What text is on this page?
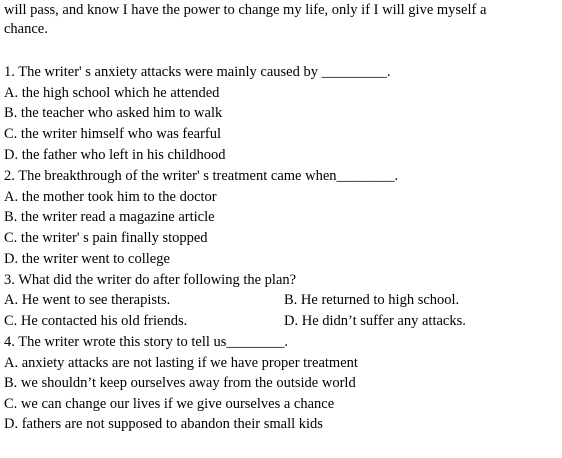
will pass, and know I have the power to change my life, only if I will give myself a
chance.
1. The writer' s anxiety attacks were mainly caused by _________.
A. the high school which he attended
B. the teacher who asked him to walk
C. the writer himself who was fearful
D. the father who left in his childhood
2. The breakthrough of the writer' s treatment came when________.
A. the mother took him to the doctor
B. the writer read a magazine article
C. the writer' s pain finally stopped
D. the writer went to college
3. What did the writer do after following the plan?
A. He went to see therapists.	B. He returned to high school.
C. He contacted his old friends.	D. He didn’t suffer any attacks.
4. The writer wrote this story to tell us________.
A. anxiety attacks are not lasting if we have proper treatment
B. we shouldn’t keep ourselves away from the outside world
C. we can change our lives if we give ourselves a chance
D. fathers are not supposed to abandon their small kids
